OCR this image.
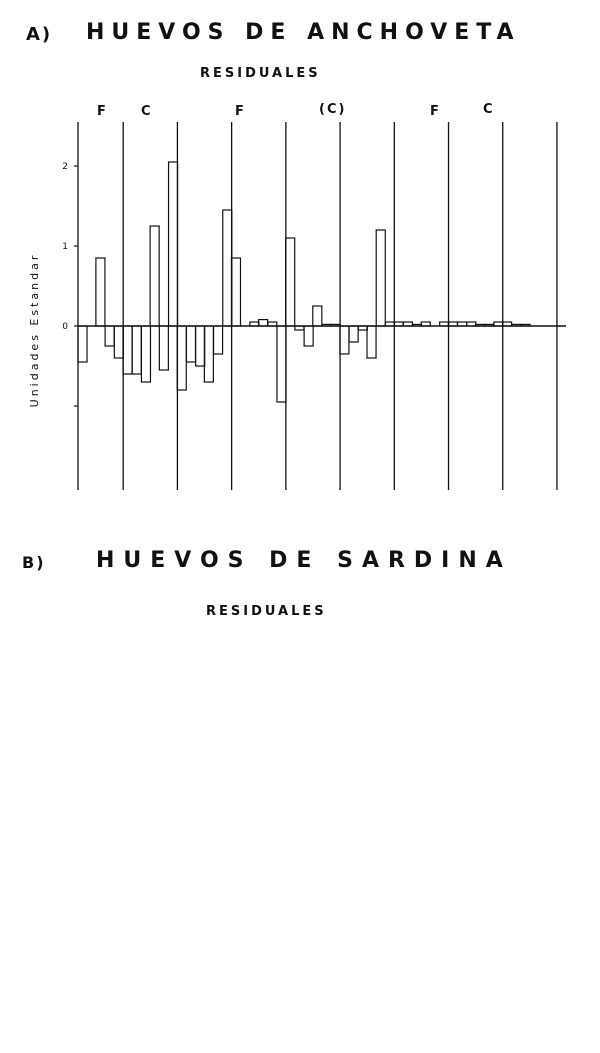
A) HUEVOS DE ANCHOVETA
RESIDUALES
F	C	F	(C)	F	C
2
1
0
Unidades Estandar
B) HUEVOS DE SARDINA
RESIDUALES
